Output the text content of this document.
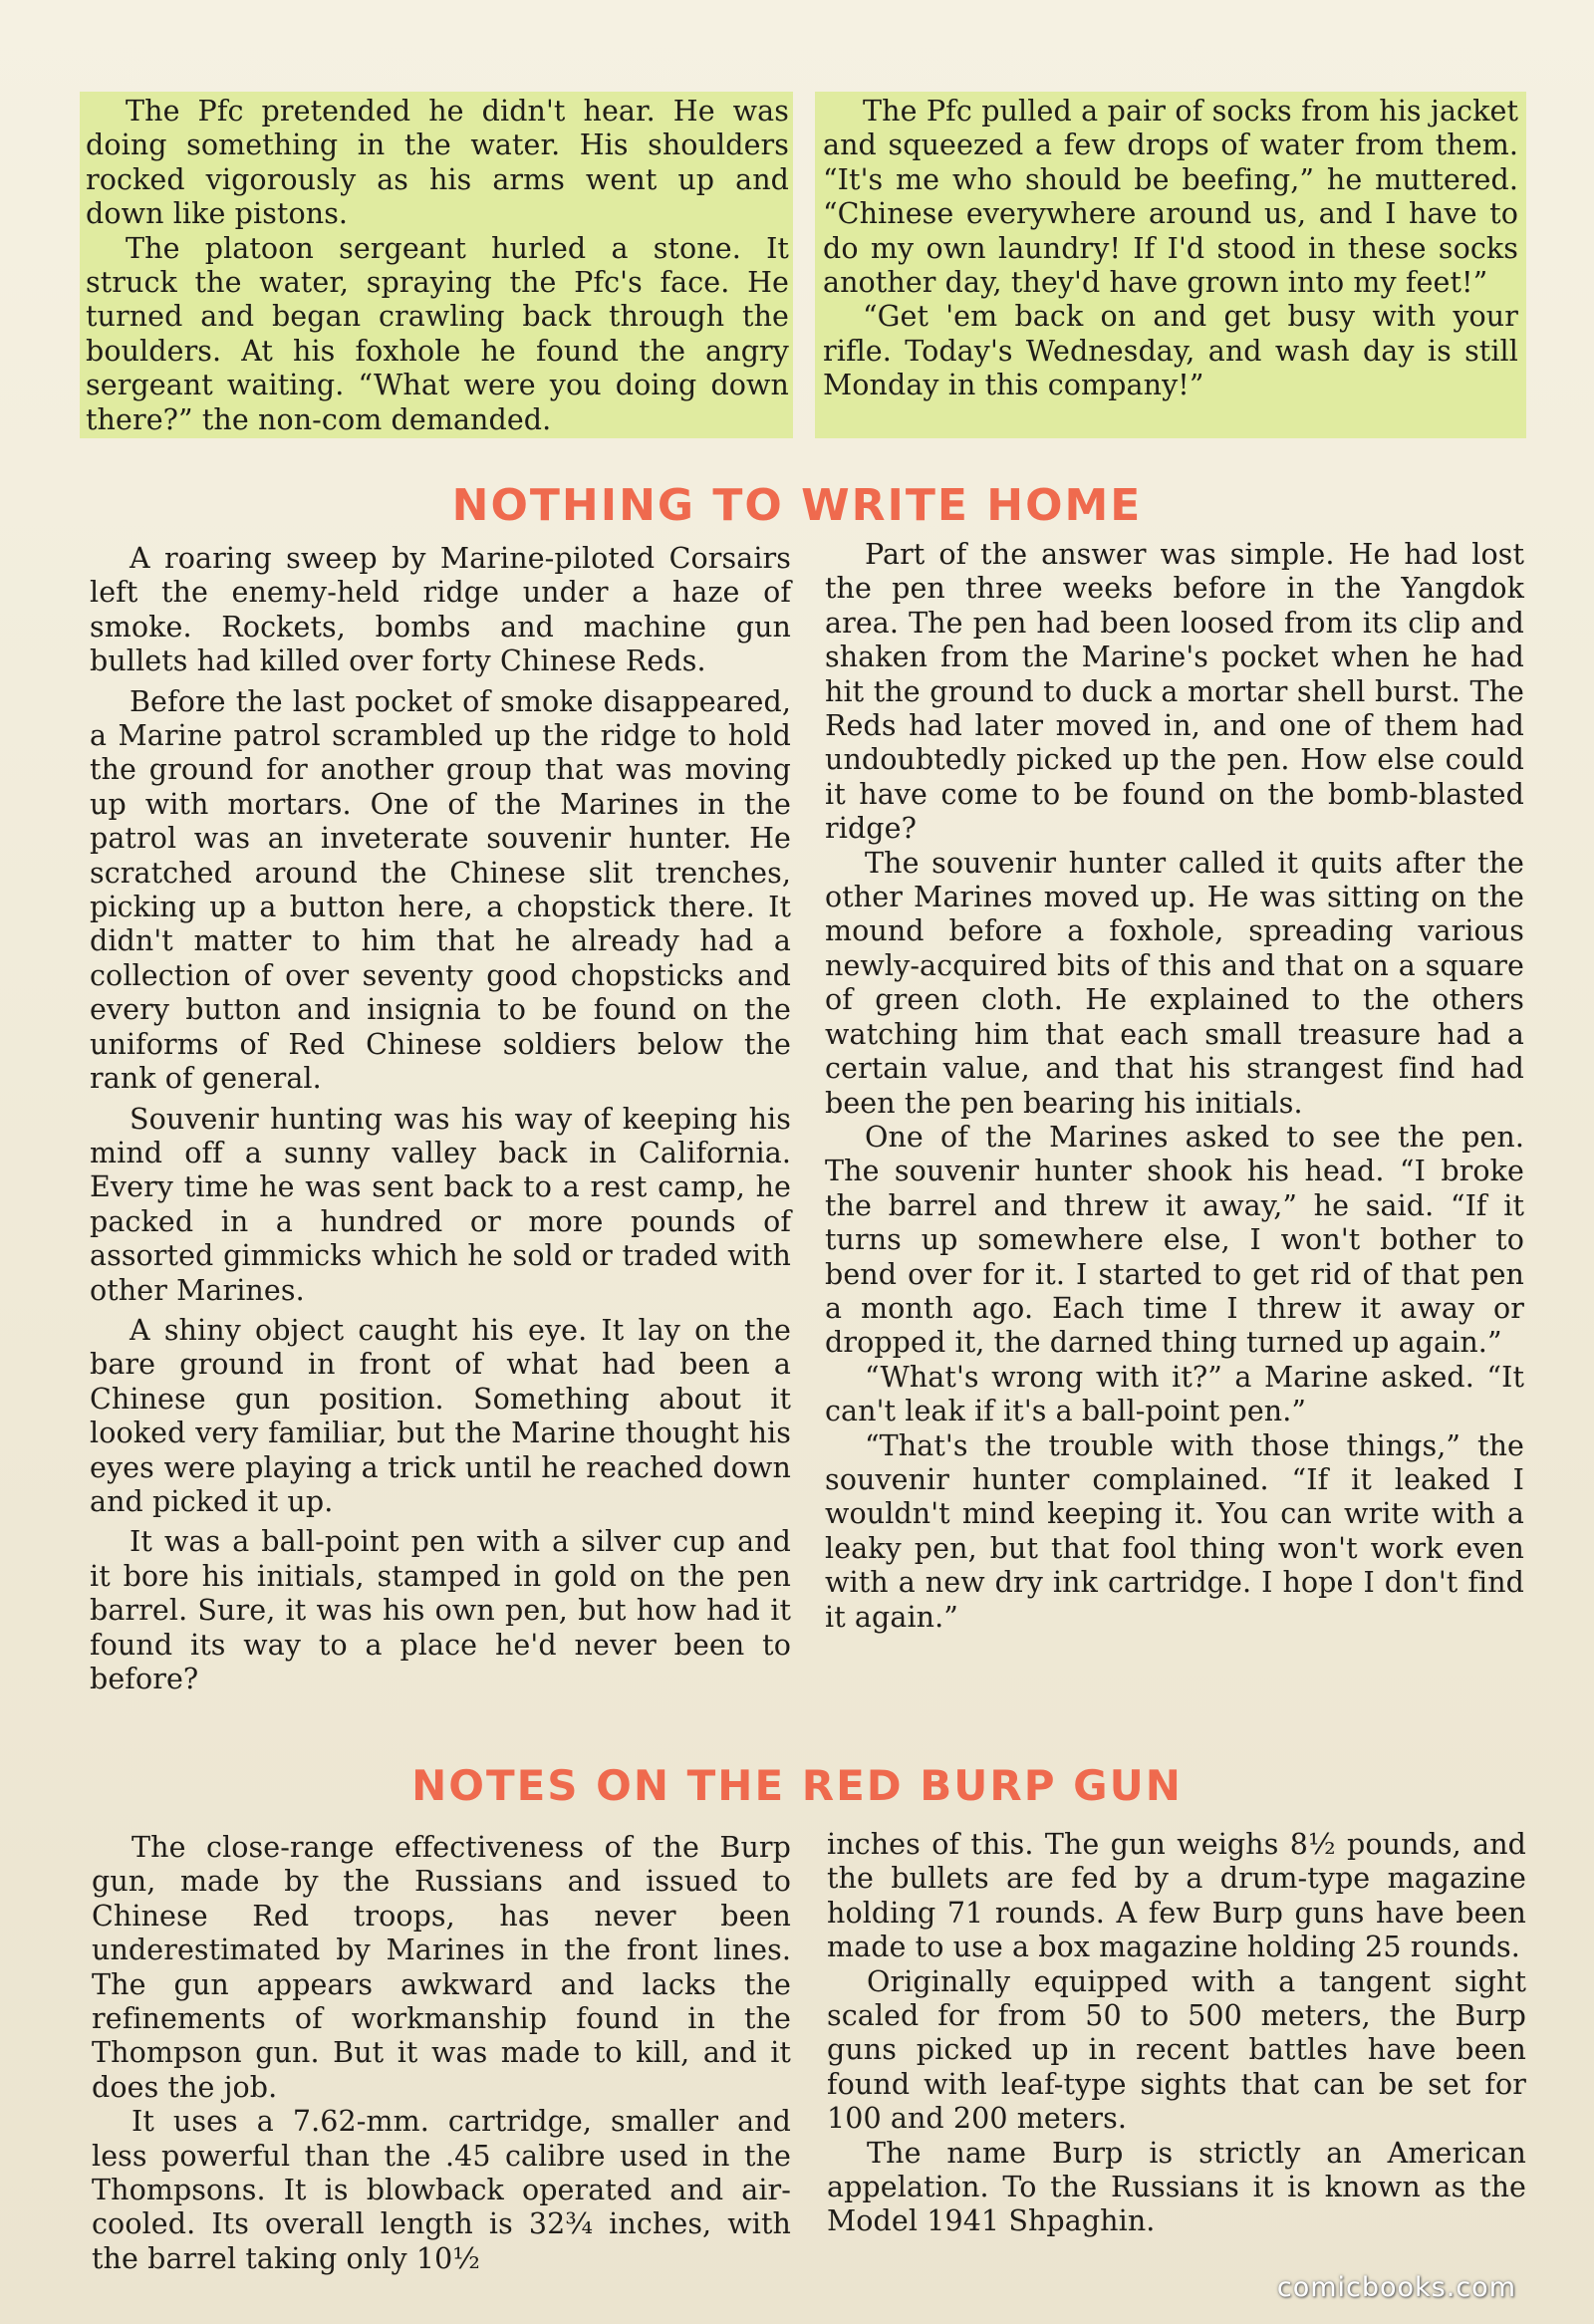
The Pfc pretended he didn't hear. He was doing something in the water. His shoulders rocked vigorously as his arms went up and down like pistons.

The platoon sergeant hurled a stone. It struck the water, spraying the Pfc's face. He turned and began crawling back through the boulders. At his foxhole he found the angry sergeant waiting. “What were you doing down there?” the non-com demanded.

The Pfc pulled a pair of socks from his jacket and squeezed a few drops of water from them. “It's me who should be beefing,” he muttered. “Chinese everywhere around us, and I have to do my own laundry! If I'd stood in these socks another day, they'd have grown into my feet!”

“Get 'em back on and get busy with your rifle. Today's Wednesday, and wash day is still Monday in this company!”

NOTHING TO WRITE HOME

A roaring sweep by Marine-piloted Corsairs left the enemy-held ridge under a haze of smoke. Rockets, bombs and machine gun bullets had killed over forty Chinese Reds.

Before the last pocket of smoke disappeared, a Marine patrol scrambled up the ridge to hold the ground for another group that was moving up with mortars. One of the Marines in the patrol was an inveterate souvenir hunter. He scratched around the Chinese slit trenches, picking up a button here, a chopstick there. It didn't matter to him that he already had a collection of over seventy good chopsticks and every button and insignia to be found on the uniforms of Red Chinese soldiers below the rank of general.

Souvenir hunting was his way of keeping his mind off a sunny valley back in California. Every time he was sent back to a rest camp, he packed in a hundred or more pounds of assorted gimmicks which he sold or traded with other Marines.

A shiny object caught his eye. It lay on the bare ground in front of what had been a Chinese gun position. Something about it looked very familiar, but the Marine thought his eyes were playing a trick until he reached down and picked it up.

It was a ball-point pen with a silver cup and it bore his initials, stamped in gold on the pen barrel. Sure, it was his own pen, but how had it found its way to a place he'd never been to before?

Part of the answer was simple. He had lost the pen three weeks before in the Yangdok area. The pen had been loosed from its clip and shaken from the Marine's pocket when he had hit the ground to duck a mortar shell burst. The Reds had later moved in, and one of them had undoubtedly picked up the pen. How else could it have come to be found on the bomb-blasted ridge?

The souvenir hunter called it quits after the other Marines moved up. He was sitting on the mound before a foxhole, spreading various newly-acquired bits of this and that on a square of green cloth. He explained to the others watching him that each small treasure had a certain value, and that his strangest find had been the pen bearing his initials.

One of the Marines asked to see the pen. The souvenir hunter shook his head. “I broke the barrel and threw it away,” he said. “If it turns up somewhere else, I won't bother to bend over for it. I started to get rid of that pen a month ago. Each time I threw it away or dropped it, the darned thing turned up again.”

“What's wrong with it?” a Marine asked. “It can't leak if it's a ball-point pen.”

“That's the trouble with those things,” the souvenir hunter complained. “If it leaked I wouldn't mind keeping it. You can write with a leaky pen, but that fool thing won't work even with a new dry ink cartridge. I hope I don't find it again.”

NOTES ON THE RED BURP GUN

The close-range effectiveness of the Burp gun, made by the Russians and issued to Chinese Red troops, has never been underestimated by Marines in the front lines. The gun appears awkward and lacks the refinements of workmanship found in the Thompson gun. But it was made to kill, and it does the job.

It uses a 7.62-mm. cartridge, smaller and less powerful than the .45 calibre used in the Thompsons. It is blowback operated and air-cooled. Its overall length is 32¾ inches, with the barrel taking only 10½

inches of this. The gun weighs 8½ pounds, and the bullets are fed by a drum-type magazine holding 71 rounds. A few Burp guns have been made to use a box magazine holding 25 rounds.

Originally equipped with a tangent sight scaled for from 50 to 500 meters, the Burp guns picked up in recent battles have been found with leaf-type sights that can be set for 100 and 200 meters.

The name Burp is strictly an American appelation. To the Russians it is known as the Model 1941 Shpaghin.

comicbooks.com
